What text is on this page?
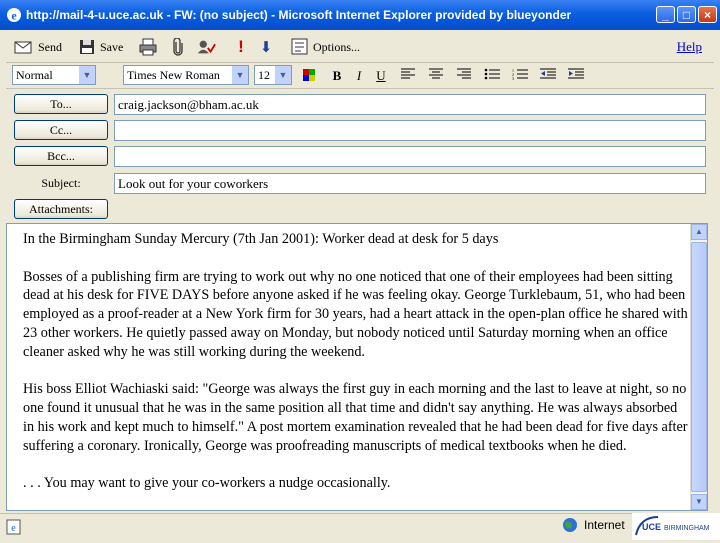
e http://mail-4-u.uce.ac.uk - FW: (no subject) - Microsoft Internet Explorer provided by blueyonder	_	□	×
Send	Save	!	⬇	Options...	Help
Normal	▼	Times New Roman	▼	12 ▼	B	I	U	1
2
3
To...	craig.jackson@bham.ac.uk
Cc...
Bcc...
Subject:	Look out for your coworkers
Attachments:

In the Birmingham Sunday Mercury (7th Jan 2001): Worker dead at desk for 5 days

Bosses of a publishing firm are trying to work out why no one noticed that one of their employees had been sitting dead at his desk for FIVE DAYS before anyone asked if he was feeling okay. George Turklebaum, 51, who had been employed as a proof-reader at a New York firm for 30 years, had a heart attack in the open-plan office he shared with 23 other workers. He quietly passed away on Monday, but nobody noticed until Saturday morning when an office cleaner asked why he was still working during the weekend.

His boss Elliot Wachiaski said: "George was always the first guy in each morning and the last to leave at night, so no one found it unusual that he was in the same position all that time and didn't say anything. He was always absorbed in his work and kept much to himself." A post mortem examination revealed that he had been dead for five days after suffering a coronary. Ironically, George was proofreading manuscripts of medical textbooks when he died.

. . . You may want to give your co-workers a nudge occasionally.

▲
▼
e	Internet UCE BIRMINGHAM
